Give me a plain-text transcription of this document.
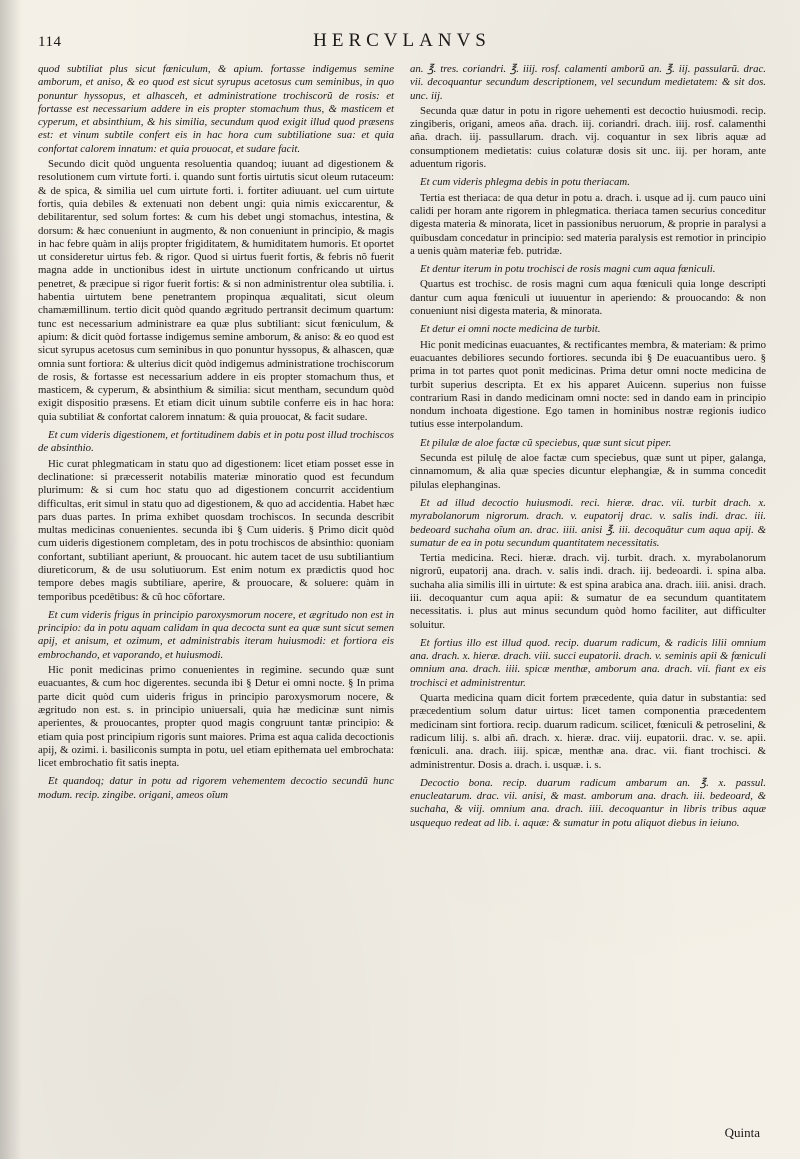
114	HERCVLANVS

quod subtiliat plus sicut fœniculum, & apium. fortasse indigemus semine amborum, et aniso, & eo quod est sicut syrupus acetosus cum seminibus, in quo ponuntur hyssopus, et alhasceh, et administratione trochiscorũ de rosis: et fortasse est necessarium addere in eis propter stomachum thus, & masticem et cyperum, et absinthium, & his similia, secundum quod exigit illud quod præsens est: et vinum subtile confert eis in hac hora cum subtiliatione sua: et quia confortat calorem innatum: et quia prouocat, et sudare facit.

Secundo dicit quòd unguenta resoluentia quandoq; iuuant ad digestionem & resolutionem cum virtute forti. i. quando sunt fortis uirtutis sicut oleum rutaceum: & de spica, & similia uel cum uirtute forti. i. fortiter adiuuant. uel cum uirtute fortis, quia debiles & extenuati non debent ungi: quia nimis exiccarentur, & debilitarentur, sed solum fortes: & cum his debet ungi stomachus, intestina, & dorsum: & hæc conueniunt in augmento, & non conueniunt in principio, & magis in hac febre quàm in alijs propter frigiditatem, & humiditatem humoris. Et oportet ut consideretur uirtus feb. & rigor. Quod si uirtus fuerit fortis, & febris nõ fuerit magna adde in unctionibus idest in uirtute unctionum confricando ut uirtus penetret, & præcipue si rigor fuerit fortis: & si non administrentur olea subtilia. i. habentia uirtutem bene penetrantem propinqua æqualitati, sicut oleum chamæmillinum. tertio dicit quòd quando ægritudo pertransit decimum quartum: tunc est necessarium administrare ea quæ plus subtiliant: sicut fœniculum, & apium: & dicit quòd fortasse indigemus semine amborum, & aniso: & eo quod est sicut syrupus acetosus cum seminibus in quo ponuntur hyssopus, & alhascen, quæ omnia sunt fortiora: & ulterius dicit quòd indigemus administratione trochiscorum de rosis, & fortasse est necessarium addere in eis propter stomachum thus, et masticem, & cyperum, & absinthium & similia: sicut mentham, secundum quòd exigit dispositio præsens. Et etiam dicit uinum subtile conferre eis in hac hora: quia subtiliat & confortat calorem innatum: & quia prouocat, & facit sudare.

Et cum videris digestionem, et fortitudinem dabis et in potu post illud trochiscos de absinthio.

Hic curat phlegmaticam in statu quo ad digestionem: licet etiam posset esse in declinatione: si præcesserit notabilis materiæ minoratio quod est fecundum plurimum: & si cum hoc statu quo ad digestionem concurrit accidentium difficultas, erit simul in statu quo ad digestionem, & quo ad accidentia. Habet hæc pars duas partes. In prima exhibet quosdam trochiscos. In secunda describit multas medicinas conuenientes. secunda ibi § Cum uideris. § Primo dicit quòd cum uideris digestionem completam, des in potu trochiscos de absinthio: quoniam confortant, subtiliant aperiunt, & prouocant. hic autem tacet de usu subtiliantium diureticorum, & de usu solutiuorum. Est enim notum ex prædictis quod hoc tempore debes magis subtiliare, aperire, & prouocare, & soluere: quàm in temporibus pcedētibus: & cũ hoc cõfortare.

Et cum videris frigus in principio paroxysmorum nocere, et ægritudo non est in principio: da in potu aquam calidam in qua decocta sunt ea quæ sunt sicut semen apij, et anisum, et ozimum, et administrabis iteram huiusmodi: et fortiora eis embrochando, et vaporando, et huiusmodi.

Hic ponit medicinas primo conuenientes in regimine. secundo quæ sunt euacuantes, & cum hoc digerentes. secunda ibi § Detur ei omni nocte. § In prima parte dicit quòd cum uideris frigus in principio paroxysmorum nocere, & ægritudo non est. s. in principio uniuersali, quia hæ medicinæ sunt nimis aperientes, & prouocantes, propter quod magis congruunt tantæ principio: & etiam quia post principium rigoris sunt maiores. Prima est aqua calida decoctionis apij, & ozimi. i. basiliconis sumpta in potu, uel etiam epithemata uel embrochata: licet embrochatio fit satis inepta.

Et quandoq; datur in potu ad rigorem vehementem decoctio secundũ hunc modum. recip. zingibe. origani, ameos oĩum

an. ℥. tres. coriandri. ℥. iiij. rosf. calamenti amborũ an. ℥. iij. passularũ. drac. vii. decoquantur secundum descriptionem, vel secundum medietatem: & sit dos. unc. iij.

Secunda quæ datur in potu in rigore uehementi est decoctio huiusmodi. recip. zingiberis, origani, ameos aña. drach. iij. coriandri. drach. iiij. rosf. calamenthi aña. drach. iij. passullarum. drach. vij. coquantur in sex libris aquæ ad consumptionem medietatis: cuius colaturæ dosis sit unc. iij. per horam, ante aduentum rigoris.

Et cum videris phlegma debis in potu theriacam.

Tertia est theriaca: de qua detur in potu a. drach. i. usque ad ij. cum pauco uini calidi per horam ante rigorem in phlegmatica. theriaca tamen securius conceditur digesta materia & minorata, licet in passionibus neruorum, & proprie in paralysi a quibusdam concedatur in principio: sed materia paralysis est remotior in principio a uenis quàm materiæ feb. putridæ.

Et dentur iterum in potu trochisci de rosis magni cum aqua fœniculi.

Quartus est trochisc. de rosis magni cum aqua fœniculi quia longe descripti dantur cum aqua fœniculi ut iuuuentur in aperiendo: & prouocando: & non conueniunt nisi digesta materia, & minorata.

Et detur ei omni nocte medicina de turbit.

Hic ponit medicinas euacuantes, & rectificantes membra, & materiam: & primo euacuantes debiliores secundo fortiores. secunda ibi § De euacuantibus uero. § prima in tot partes quot ponit medicinas. Prima detur omni nocte medicina de turbit superius descripta. Et ex his apparet Auicenn. superius non fuisse contrarium Rasi in dando medicinam omni nocte: sed in dando eam in principio nondum inchoata digestione. Ego tamen in hominibus nostræ regionis iudico tutius esse interpolandum.

Et pilulæ de aloe factæ cũ speciebus, quæ sunt sicut piper.

Secunda est pilulę de aloe factæ cum speciebus, quæ sunt ut piper, galanga, cinnamomum, & alia quæ species dicuntur elephangiæ, & in summa concedit pilulas elephanginas.

Et ad illud decoctio huiusmodi. reci. hieræ. drac. vii. turbit drach. x. myrabolanorum nigrorum. drach. v. eupatorij drac. v. salis indi. drac. iii. bedeoard suchaha oĩum an. drac. iiii. anisi ℥. iii. decoquãtur cum aqua apij. & sumatur de ea in potu secundum quantitatem necessitatis.

Tertia medicina. Reci. hieræ. drach. vij. turbit. drach. x. myrabolanorum nigrorũ, eupatorij ana. drach. v. salis indi. drach. iij. bedeoardi. i. spina alba. suchaha alia similis illi in uirtute: & est spina arabica ana. drach. iiii. anisi. drach. iii. decoquantur cum aqua apii: & sumatur de ea secundum quantitatem necessitatis. i. plus aut minus secundum quòd homo faciliter, aut difficulter soluitur.

Et fortius illo est illud quod. recip. duarum radicum, & radicis lilii omnium ana. drach. x. hieræ. drach. viii. succi eupatorii. drach. v. seminis apii & fœniculi omnium ana. drach. iiii. spicæ menthæ, amborum ana. drach. vii. fiant ex eis trochisci et administrentur.

Quarta medicina quam dicit fortem præcedente, quia datur in substantia: sed præcedentium solum datur uirtus: licet tamen componentia præcedentem medicinam sint fortiora. recip. duarum radicum. scilicet, fœniculi & petroselini, & radicum lilij. s. albi añ. drach. x. hieræ. drac. viij. eupatorii. drac. v. se. apii. fœniculi. ana. drach. iiij. spicæ, menthæ ana. drac. vii. fiant trochisci. & administrentur. Dosis a. drach. i. usquæ. i. s.

Decoctio bona. recip. duarum radicum ambarum an. ℥. x. passul. enucleatarum. drac. vii. anisi, & mast. amborum ana. drach. iii. bedeoard, & suchaha, & viij. omnium ana. drach. iiii. decoquantur in libris tribus aquæ usquequo redeat ad lib. i. aquæ: & sumatur in potu aliquot diebus in ieiuno.

Quinta
